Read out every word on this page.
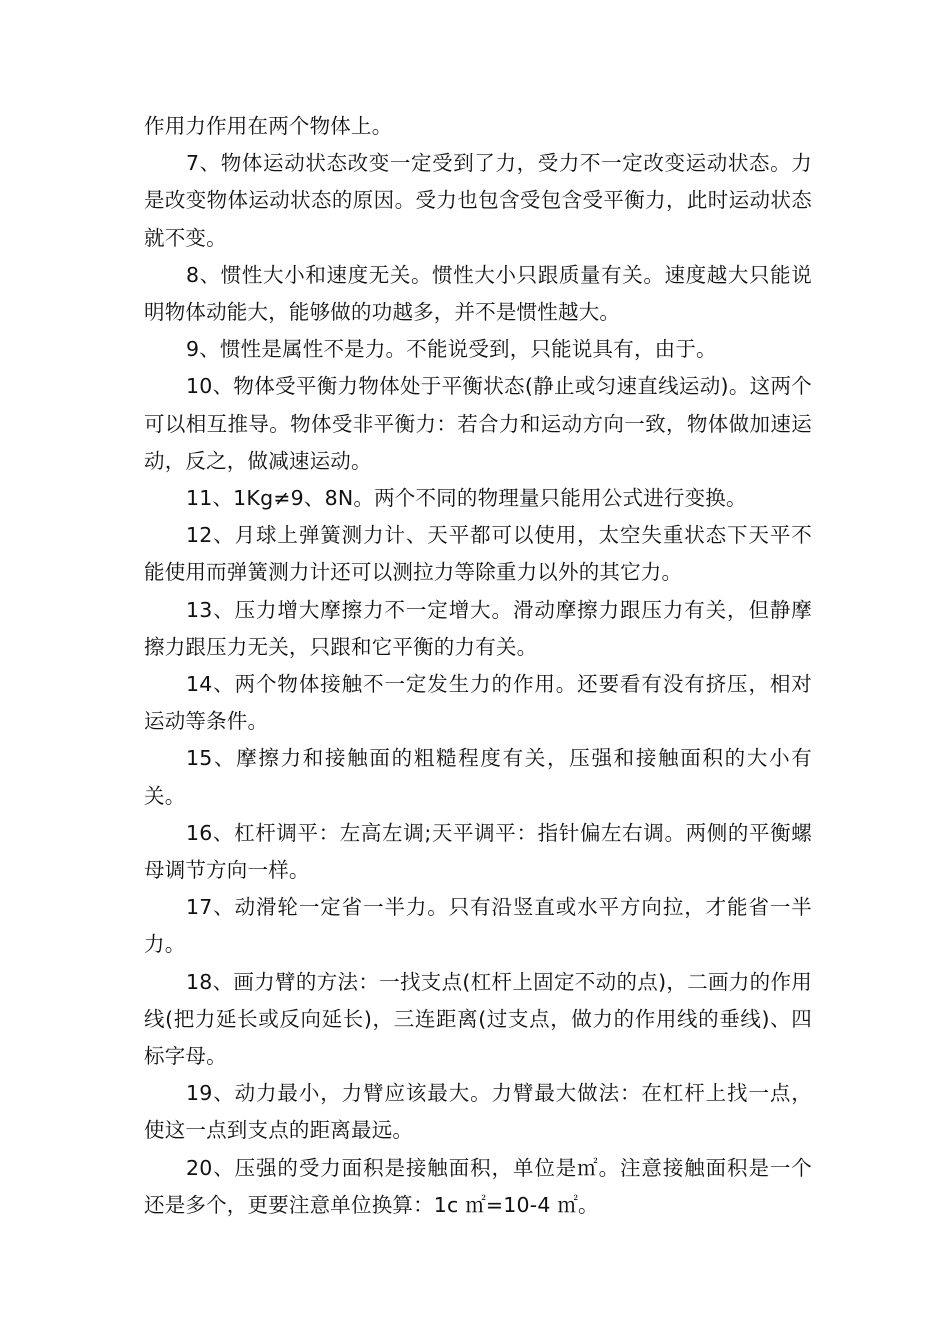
作用力作用在两个物体上。

7、物体运动状态改变一定受到了力，受力不一定改变运动状态。力是改变物体运动状态的原因。受力也包含受包含受平衡力，此时运动状态就不变。

8、惯性大小和速度无关。惯性大小只跟质量有关。速度越大只能说明物体动能大，能够做的功越多，并不是惯性越大。

9、惯性是属性不是力。不能说受到，只能说具有，由于。

10、物体受平衡力物体处于平衡状态(静止或匀速直线运动)。这两个可以相互推导。物体受非平衡力：若合力和运动方向一致，物体做加速运动，反之，做减速运动。

11、1Kg≠9、8N。两个不同的物理量只能用公式进行变换。

12、月球上弹簧测力计、天平都可以使用，太空失重状态下天平不能使用而弹簧测力计还可以测拉力等除重力以外的其它力。

13、压力增大摩擦力不一定增大。滑动摩擦力跟压力有关，但静摩擦力跟压力无关，只跟和它平衡的力有关。

14、两个物体接触不一定发生力的作用。还要看有没有挤压，相对运动等条件。

15、摩擦力和接触面的粗糙程度有关，压强和接触面积的大小有关。

16、杠杆调平：左高左调;天平调平：指针偏左右调。两侧的平衡螺母调节方向一样。

17、动滑轮一定省一半力。只有沿竖直或水平方向拉，才能省一半力。

18、画力臂的方法：一找支点(杠杆上固定不动的点)，二画力的作用线(把力延长或反向延长)，三连距离(过支点，做力的作用线的垂线)、四标字母。

19、动力最小，力臂应该最大。力臂最大做法：在杠杆上找一点，使这一点到支点的距离最远。

20、压强的受力面积是接触面积，单位是㎡。注意接触面积是一个还是多个，更要注意单位换算：1c ㎡=10-4 ㎡。
